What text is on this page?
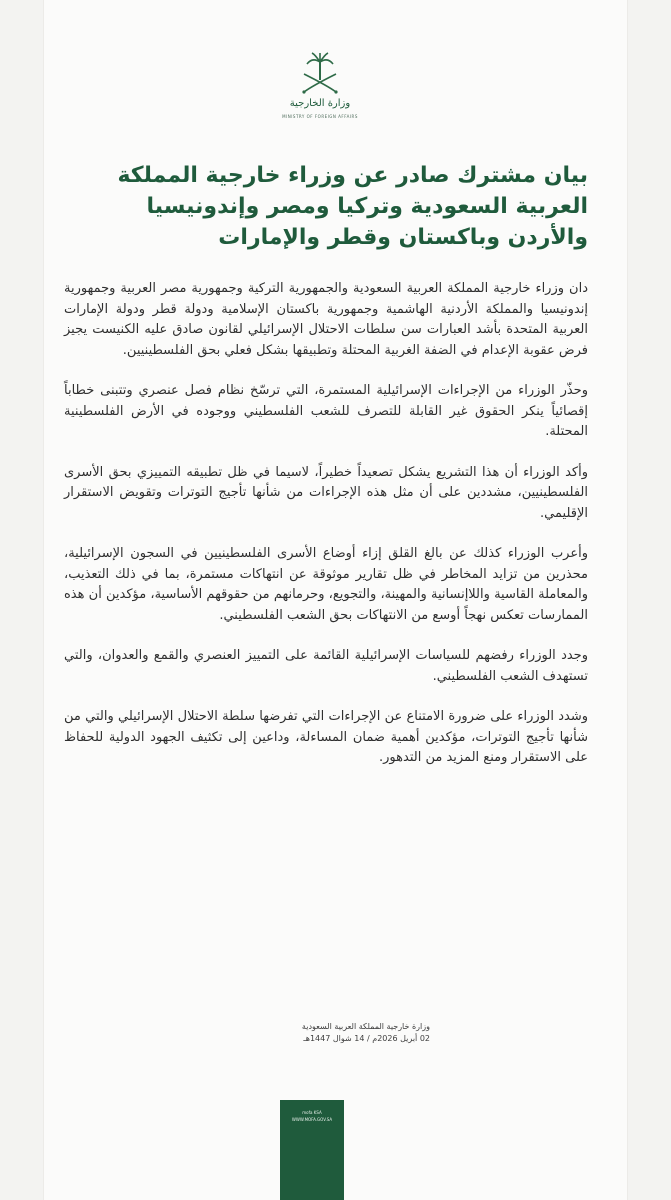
وزارة الخارجية
MINISTRY OF FOREIGN AFFAIRS
بيان مشترك صادر عن وزراء خارجية المملكة العربية السعودية وتركيا ومصر وإندونيسيا والأردن وباكستان وقطر والإمارات

دان وزراء خارجية المملكة العربية السعودية والجمهورية التركية وجمهورية مصر العربية وجمهورية إندونيسيا والمملكة الأردنية الهاشمية وجمهورية باكستان الإسلامية ودولة قطر ودولة الإمارات العربية المتحدة بأشد العبارات سن سلطات الاحتلال الإسرائيلي لقانون صادق عليه الكنيست يجيز فرض عقوبة الإعدام في الضفة الغربية المحتلة وتطبيقها بشكل فعلي بحق الفلسطينيين.

وحذّر الوزراء من الإجراءات الإسرائيلية المستمرة، التي ترسّخ نظام فصل عنصري وتتبنى خطاباً إقصائياً ينكر الحقوق غير القابلة للتصرف للشعب الفلسطيني ووجوده في الأرض الفلسطينية المحتلة.

وأكد الوزراء أن هذا التشريع يشكل تصعيداً خطيراً، لاسيما في ظل تطبيقه التمييزي بحق الأسرى الفلسطينيين، مشددين على أن مثل هذه الإجراءات من شأنها تأجيج التوترات وتقويض الاستقرار الإقليمي.

وأعرب الوزراء كذلك عن بالغ القلق إزاء أوضاع الأسرى الفلسطينيين في السجون الإسرائيلية، محذرين من تزايد المخاطر في ظل تقارير موثوقة عن انتهاكات مستمرة، بما في ذلك التعذيب، والمعاملة القاسية واللاإنسانية والمهينة، والتجويع، وحرمانهم من حقوقهم الأساسية، مؤكدين أن هذه الممارسات تعكس نهجاً أوسع من الانتهاكات بحق الشعب الفلسطيني.

وجدد الوزراء رفضهم للسياسات الإسرائيلية القائمة على التمييز العنصري والقمع والعدوان، والتي تستهدف الشعب الفلسطيني.

وشدد الوزراء على ضرورة الامتناع عن الإجراءات التي تفرضها سلطة الاحتلال الإسرائيلي والتي من شأنها تأجيج التوترات، مؤكدين أهمية ضمان المساءلة، وداعين إلى تكثيف الجهود الدولية للحفاظ على الاستقرار ومنع المزيد من التدهور.

وزارة خارجية المملكة العربية السعودية
02 أبريل 2026م / 14 شوال 1447هـ
mofa KSA
WWW.MOFA.GOV.SA
